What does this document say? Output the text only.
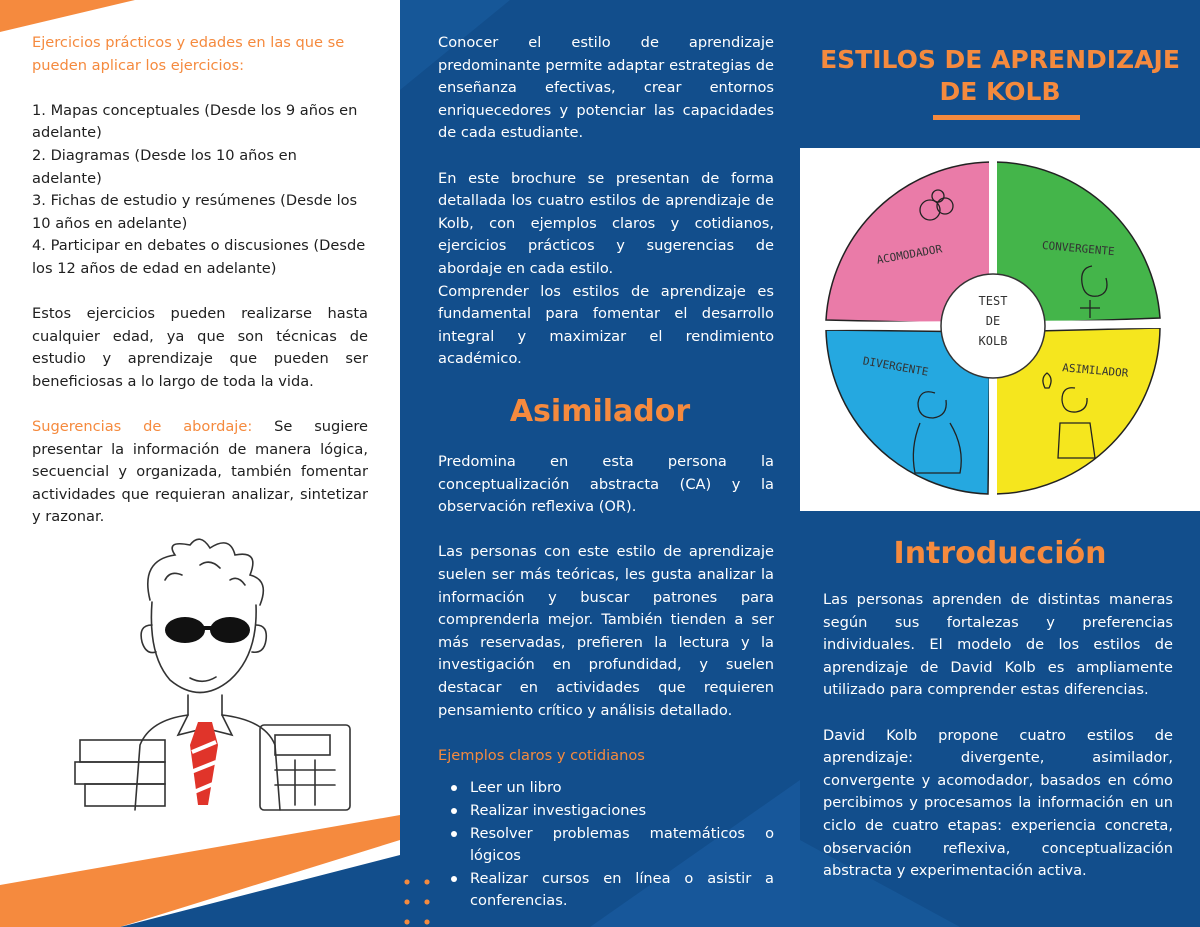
Ejercicios prácticos y edades en las que se pueden aplicar los ejercicios:

1. Mapas conceptuales (Desde los 9 años en adelante)

2. Diagramas (Desde los 10 años en adelante)

3. Fichas de estudio y resúmenes (Desde los 10 años en adelante)

4. Participar en debates o discusiones (Desde los 12 años de edad en adelante)

Estos ejercicios pueden realizarse hasta cualquier edad, ya que son técnicas de estudio y aprendizaje que pueden ser beneficiosas a lo largo de toda la vida.

Sugerencias de abordaje: Se sugiere presentar la información de manera lógica, secuencial y organizada, también fomentar actividades que requieran analizar, sintetizar y razonar.

Conocer el estilo de aprendizaje predominante permite adaptar estrategias de enseñanza efectivas, crear entornos enriquecedores y potenciar las capacidades de cada estudiante.

En este brochure se presentan de forma detallada los cuatro estilos de aprendizaje de Kolb, con ejemplos claros y cotidianos, ejercicios prácticos y sugerencias de abordaje en cada estilo.

Comprender los estilos de aprendizaje es fundamental para fomentar el desarrollo integral y maximizar el rendimiento académico.

Asimilador

Predomina en esta persona la conceptualización abstracta (CA) y la observación reflexiva (OR).

Las personas con este estilo de aprendizaje suelen ser más teóricas, les gusta analizar la información y buscar patrones para comprenderla mejor. También tienden a ser más reservadas, prefieren la lectura y la investigación en profundidad, y suelen destacar en actividades que requieren pensamiento crítico y análisis detallado.

Ejemplos claros y cotidianos

Leer un libro
Realizar investigaciones
Resolver problemas matemáticos o lógicos
Realizar cursos en línea o asistir a conferencias.
ESTILOS DE APRENDIZAJE DE KOLB
TEST
DE
KOLB
ACOMODADOR	CONVERGENTE
DIVERGENTE	ASIMILADOR
Introducción

Las personas aprenden de distintas maneras según sus fortalezas y preferencias individuales. El modelo de los estilos de aprendizaje de David Kolb es ampliamente utilizado para comprender estas diferencias.

David Kolb propone cuatro estilos de aprendizaje: divergente, asimilador, convergente y acomodador, basados en cómo percibimos y procesamos la información en un ciclo de cuatro etapas: experiencia concreta, observación reflexiva, conceptualización abstracta y experimentación activa.
